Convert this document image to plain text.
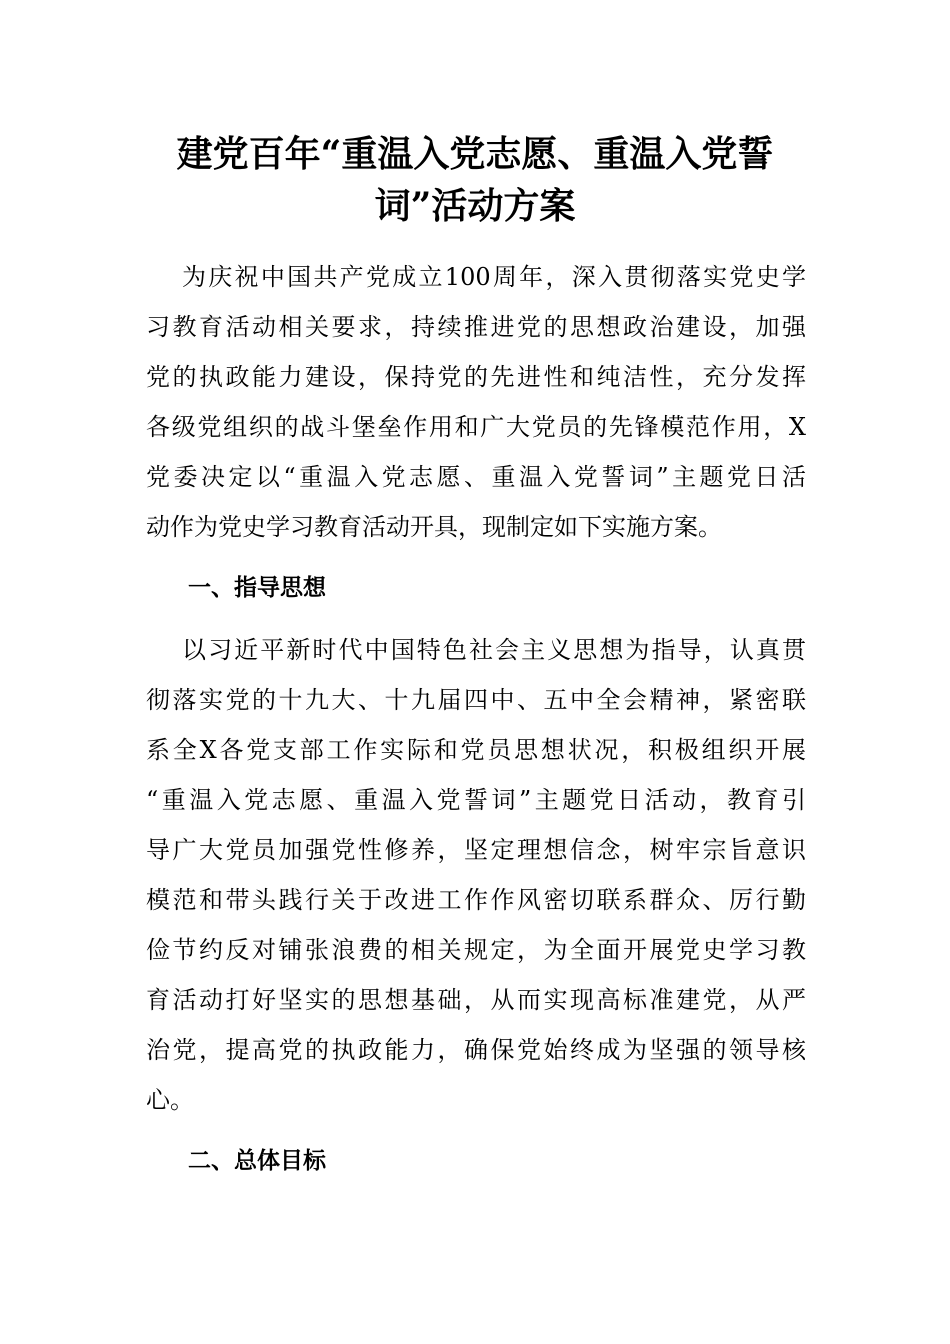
建党百年“重温入党志愿、重温入党誓
词”活动方案
为庆祝中国共产党成立100周年，深入贯彻落实党史学
习教育活动相关要求，持续推进党的思想政治建设，加强
党的执政能力建设，保持党的先进性和纯洁性，充分发挥
各级党组织的战斗堡垒作用和广大党员的先锋模范作用，X
党委决定以“重温入党志愿、重温入党誓词”主题党日活
动作为党史学习教育活动开具，现制定如下实施方案。
一、指导思想
以习近平新时代中国特色社会主义思想为指导，认真贯
彻落实党的十九大、十九届四中、五中全会精神，紧密联
系全X各党支部工作实际和党员思想状况，积极组织开展
“重温入党志愿、重温入党誓词”主题党日活动，教育引
导广大党员加强党性修养，坚定理想信念，树牢宗旨意识
模范和带头践行关于改进工作作风密切联系群众、厉行勤
俭节约反对铺张浪费的相关规定，为全面开展党史学习教
育活动打好坚实的思想基础，从而实现高标准建党，从严
治党，提高党的执政能力，确保党始终成为坚强的领导核
心。
二、总体目标
